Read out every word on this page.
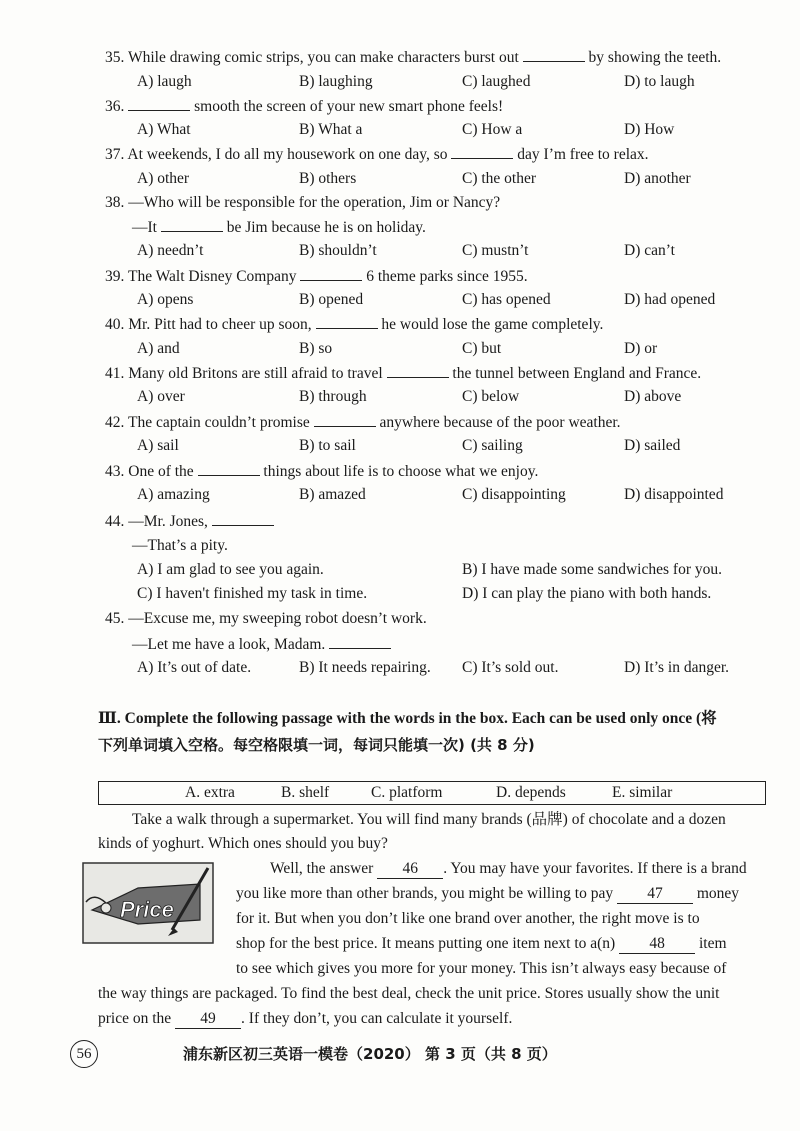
35. While drawing comic strips, you can make characters burst out	by showing the teeth.
A) laugh	B) laughing	C) laughed	D) to laugh
36.	smooth the screen of your new smart phone feels!
A) What	B) What a	C) How a	D) How
37. At weekends, I do all my housework on one day, so	day I’m free to relax.
A) other	B) others	C) the other	D) another
38. —Who will be responsible for the operation, Jim or Nancy?
—It	be Jim because he is on holiday.
A) needn’t	B) shouldn’t	C) mustn’t	D) can’t
39. The Walt Disney Company	6 theme parks since 1955.
A) opens	B) opened	C) has opened	D) had opened
40. Mr. Pitt had to cheer up soon,	he would lose the game completely.
A) and	B) so	C) but	D) or
41. Many old Britons are still afraid to travel	the tunnel between England and France.
A) over	B) through	C) below	D) above
42. The captain couldn’t promise	anywhere because of the poor weather.
A) sail	B) to sail	C) sailing	D) sailed
43. One of the	things about life is to choose what we enjoy.
A) amazing	B) amazed	C) disappointing	D) disappointed
44. —Mr. Jones,
—That’s a pity.
A) I am glad to see you again.	B) I have made some sandwiches for you.
C) I haven't finished my task in time.	D) I can play the piano with both hands.
45. —Excuse me, my sweeping robot doesn’t work.
—Let me have a look, Madam.
A) It’s out of date.	B) It needs repairing. C) It’s sold out.	D) It’s in danger.
Ⅲ. Complete the following passage with the words in the box. Each can be used only once (将
下列单词填入空格。每空格限填一词，每词只能填一次) (共 8 分)
A. extra	B. shelf	C. platform	D. depends	E. similar
Take a walk through a supermarket. You will find many brands (品牌) of chocolate and a dozen
kinds of yoghurt. Which ones should you buy?
Price
Well, the answer 46 . You may have your favorites. If there is a brand
you like more than other brands, you might be willing to pay 47 money
for it. But when you don’t like one brand over another, the right move is to
shop for the best price. It means putting one item next to a(n) 48 item
to see which gives you more for your money. This isn’t always easy because of
the way things are packaged. To find the best deal, check the unit price. Stores usually show the unit
price on the 49 . If they don’t, you can calculate it yourself.
56	浦东新区初三英语一模卷（2020） 第 3 页（共 8 页）
